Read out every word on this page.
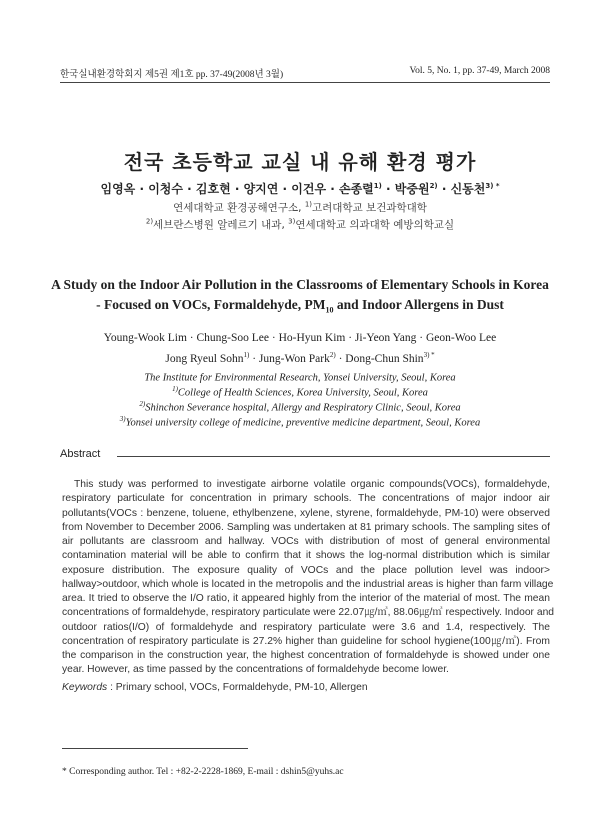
한국실내환경학회지 제5권 제1호 pp. 37-49(2008년 3월)	Vol. 5, No. 1, pp. 37-49, March 2008
전국 초등학교 교실 내 유해 환경 평가
임영옥 · 이청수 · 김호현 · 양지연 · 이건우 · 손종렬$^{1)}$ · 박중원$^{2)}$ · 신동천$^{3) *}$
연세대학교 환경공해연구소, $^{1)}$고려대학교 보건과학대학
$^{2)}$세브란스병원 알레르기 내과, $^{3)}$연세대학교 의과대학 예방의학교실
A Study on the Indoor Air Pollution in the Classrooms of Elementary Schools in Korea
- Focused on VOCs, Formaldehyde, $PM_{10}$ and Indoor Allergens in Dust
Young-Wook Lim · Chung-Soo Lee · Ho-Hyun Kim · Ji-Yeon Yang · Geon-Woo Lee
Jong Ryeul Sohn$^{1)}$ · Jung-Won Park$^{2)}$ · Dong-Chun Shin$^{3) *}$
The Institute for Environmental Research, Yonsei University, Seoul, Korea
$^{1)}$College of Health Sciences, Korea University, Seoul, Korea
$^{2)}$Shinchon Severance hospital, Allergy and Respiratory Clinic, Seoul, Korea
$^{3)}$Yonsei university college of medicine, preventive medicine department, Seoul, Korea
Abstract
This study was performed to investigate airborne volatile organic compounds(VOCs), formaldehyde,
respiratory particulate for concentration in primary schools. The concentrations of major indoor air
pollutants(VOCs : benzene, toluene, ethylbenzene, xylene, styrene, formaldehyde, PM-10) were observed
from November to December 2006. Sampling was undertaken at 81 primary schools. The sampling sites of
air pollutants are classroom and hallway. VOCs with distribution of most of general environmental
contamination material will be able to confirm that it shows the log-normal distribution which is similar
exposure distribution. The exposure quality of VOCs and the place pollution level was indoor>
hallway>outdoor, which whole is located in the metropolis and the industrial areas is higher than farm village
area. It tried to observe the I/O ratio, it appeared highly from the interior of the material of most. The mean
concentrations of formaldehyde, respiratory particulate were 22.07㎍/㎥, 88.06㎍/㎥ respectively. Indoor and
outdoor ratios(I/O) of formaldehyde and respiratory particulate were 3.6 and 1.4, respectively. The
concentration of respiratory particulate is 27.2% higher than guideline for school hygiene(100㎍/㎥). From
the comparison in the construction year, the highest concentration of formaldehyde is showed under one
year. However, as time passed by the concentrations of formaldehyde become lower.
Keywords : Primary school, VOCs, Formaldehyde, PM-10, Allergen
* Corresponding author. Tel : +82-2-2228-1869, E-mail : dshin5@yuhs.ac
